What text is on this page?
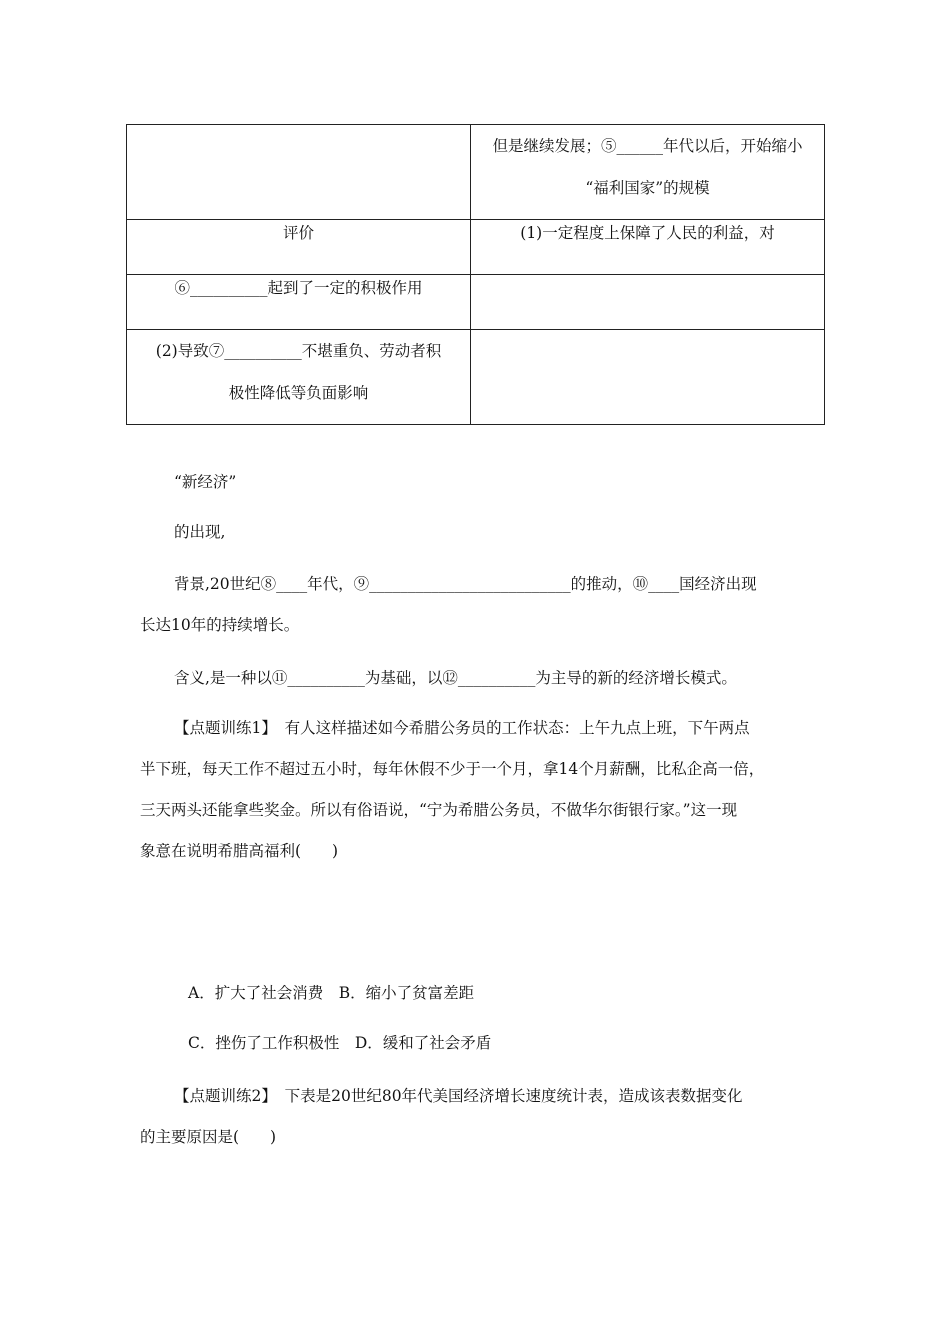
	但是继续发展；⑤______年代以后，开始缩小
“福利国家”的规模

评价	(1)一定程度上保障了人民的利益，对

⑥__________起到了一定的积极作用	

(2)导致⑦__________不堪重负、劳动者积
极性降低等负面影响	

“新经济”
的出现,
背景,20世纪⑧____年代，⑨__________________________的推动，⑩____国经济出现
长达10年的持续增长。
含义,是一种以⑪__________为基础，以⑫__________为主导的新的经济增长模式。
【点题训练1】　有人这样描述如今希腊公务员的工作状态：上午九点上班，下午两点
半下班，每天工作不超过五小时，每年休假不少于一个月，拿14个月薪酬，比私企高一倍，
三天两头还能拿些奖金。所以有俗语说，“宁为希腊公务员，不做华尔街银行家。”这一现
象意在说明希腊高福利(　　)
A．扩大了社会消费　B．缩小了贫富差距
C．挫伤了工作积极性　D．缓和了社会矛盾
【点题训练2】　下表是20世纪80年代美国经济增长速度统计表，造成该表数据变化
的主要原因是(　　)
